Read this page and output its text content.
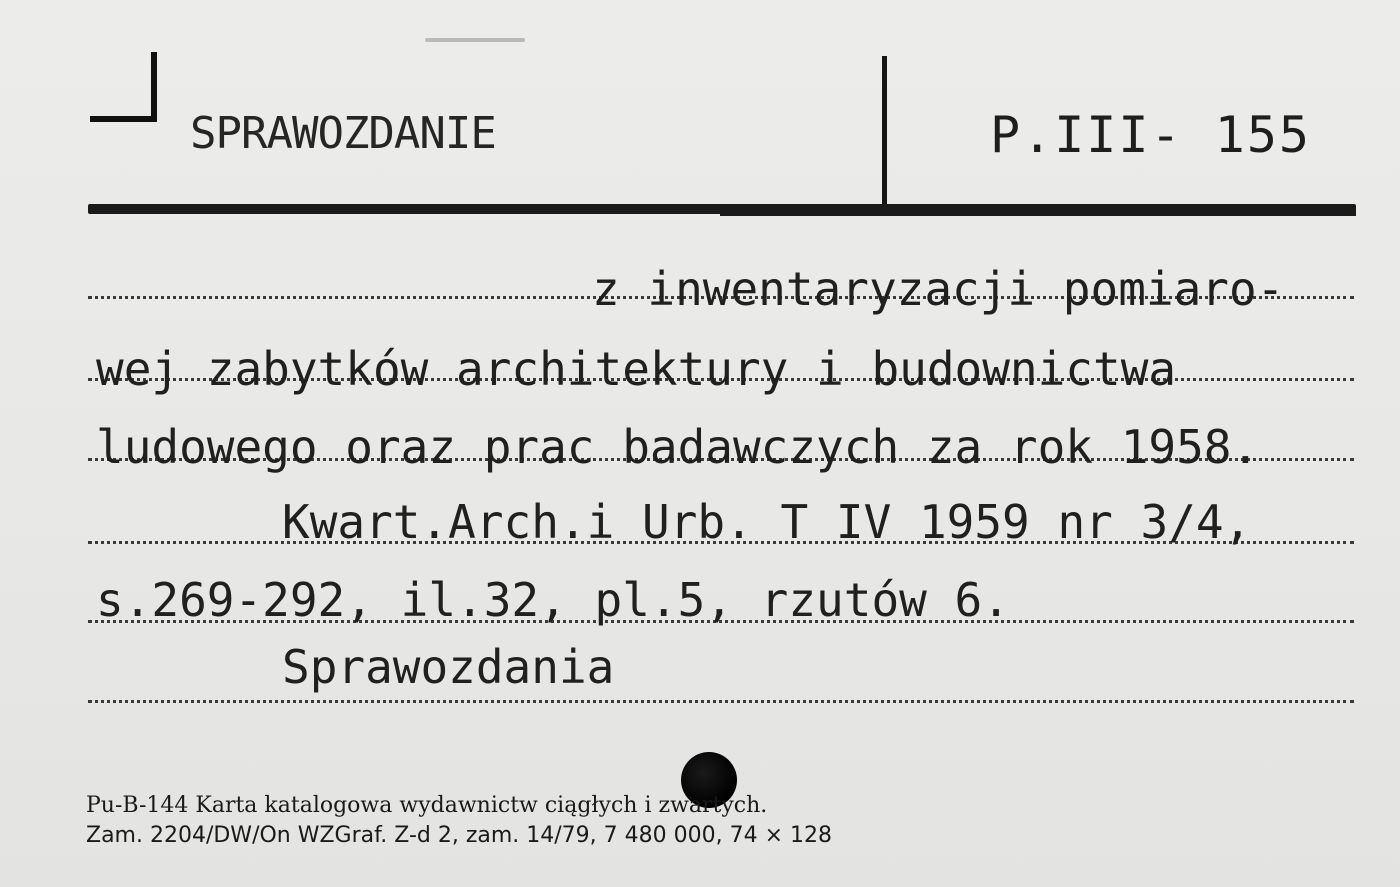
SPRAWOZDANIE	P.III- 155
z inwentaryzacji pomiaro-
wej zabytków architektury i budownictwa
ludowego oraz prac badawczych za rok 1958.
Kwart.Arch.i Urb. T IV 1959 nr 3/4,
s.269-292, il.32, pl.5, rzutów 6.
Sprawozdania
Pu-B-144 Karta katalogowa wydawnictw ciągłych i zwartych.
Zam. 2204/DW/On WZGraf. Z-d 2, zam. 14/79, 7 480 000, 74 × 128
